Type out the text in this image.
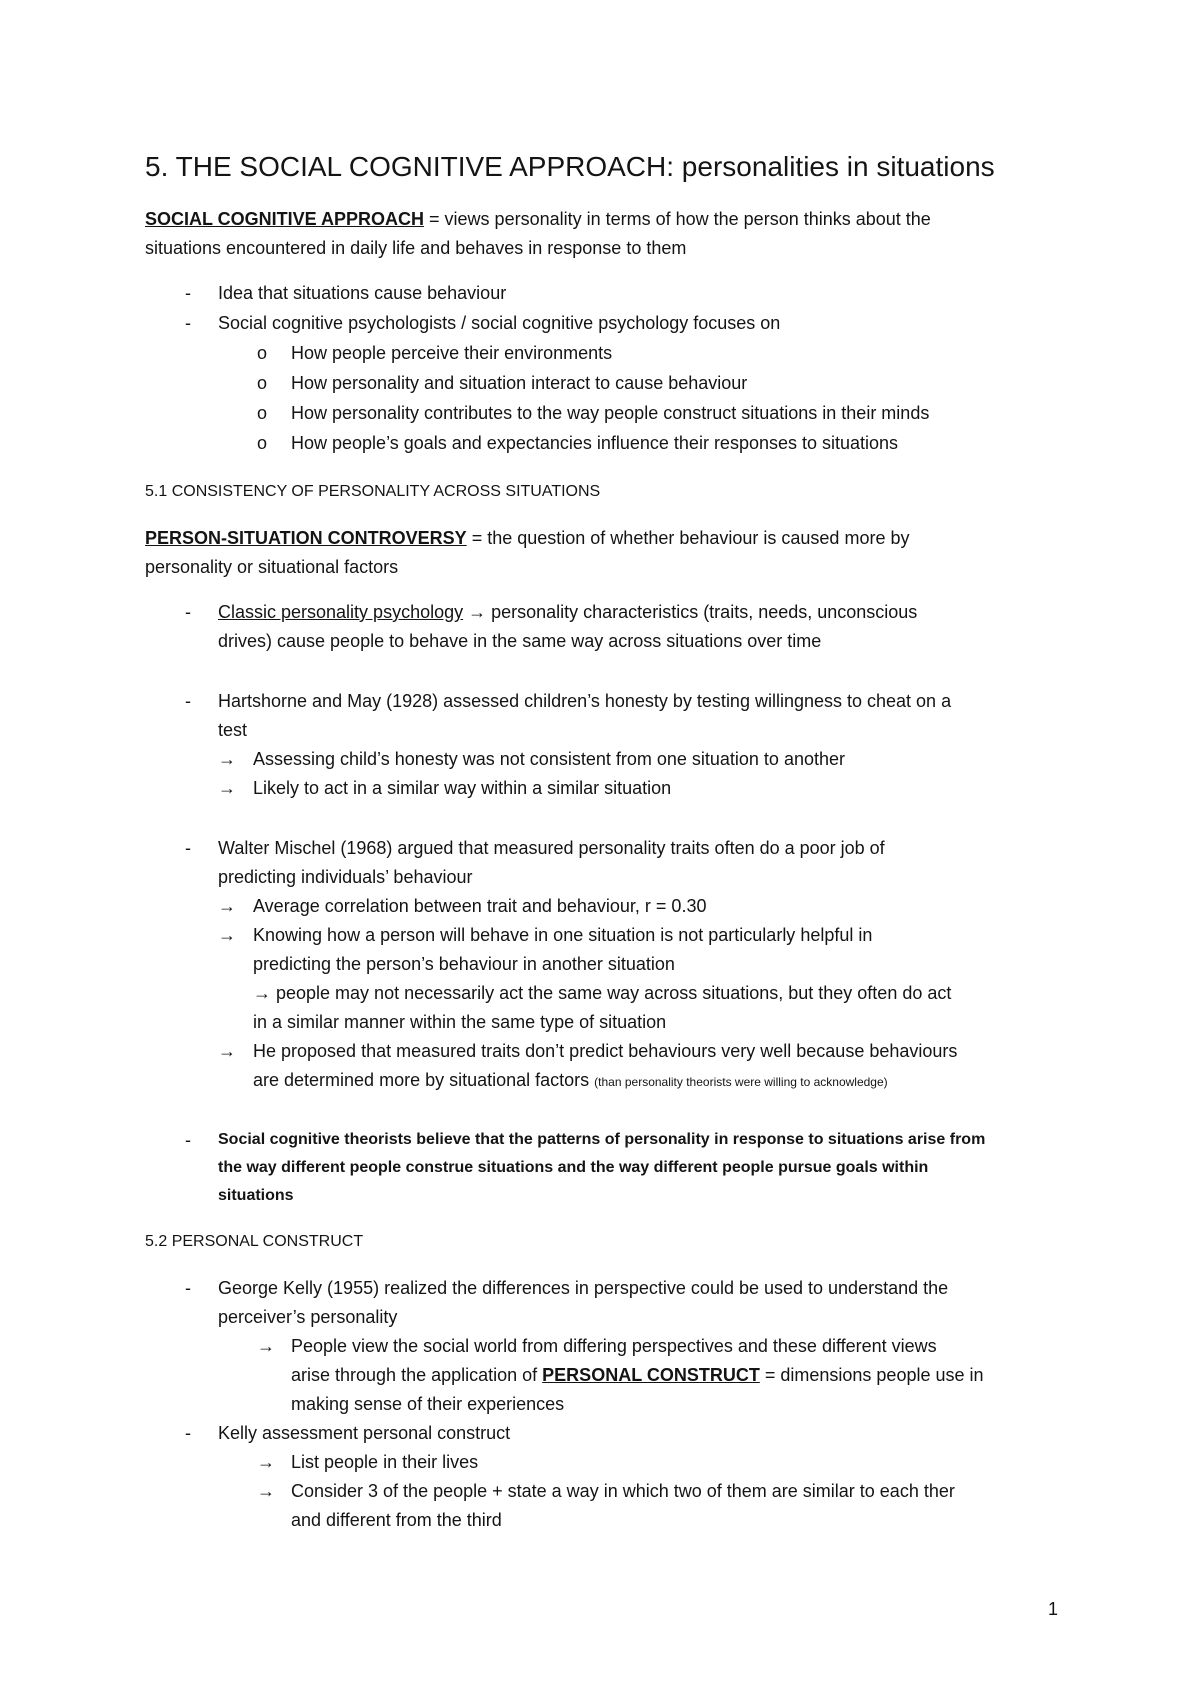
5. THE SOCIAL COGNITIVE APPROACH: personalities in situations
SOCIAL COGNITIVE APPROACH = views personality in terms of how the person thinks about the
situations encountered in daily life and behaves in response to them
- Idea that situations cause behaviour
- Social cognitive psychologists / social cognitive psychology focuses on
o How people perceive their environments
o How personality and situation interact to cause behaviour
o How personality contributes to the way people construct situations in their minds
o How people’s goals and expectancies influence their responses to situations
5.1 CONSISTENCY OF PERSONALITY ACROSS SITUATIONS
PERSON-SITUATION CONTROVERSY = the question of whether behaviour is caused more by
personality or situational factors
- Classic personality psychology → personality characteristics (traits, needs, unconscious
drives) cause people to behave in the same way across situations over time
- Hartshorne and May (1928) assessed children’s honesty by testing willingness to cheat on a
test
→ Assessing child’s honesty was not consistent from one situation to another
→ Likely to act in a similar way within a similar situation
- Walter Mischel (1968) argued that measured personality traits often do a poor job of
predicting individuals’ behaviour
→ Average correlation between trait and behaviour, r = 0.30
→ Knowing how a person will behave in one situation is not particularly helpful in
predicting the person’s behaviour in another situation
→ people may not necessarily act the same way across situations, but they often do act
in a similar manner within the same type of situation
→ He proposed that measured traits don’t predict behaviours very well because behaviours
are determined more by situational factors (than personality theorists were willing to acknowledge)
- Social cognitive theorists believe that the patterns of personality in response to situations arise from
the way different people construe situations and the way different people pursue goals within
situations
5.2 PERSONAL CONSTRUCT
- George Kelly (1955) realized the differences in perspective could be used to understand the
perceiver’s personality
→ People view the social world from differing perspectives and these different views
arise through the application of PERSONAL CONSTRUCT = dimensions people use in
making sense of their experiences
- Kelly assessment personal construct
→ List people in their lives
→ Consider 3 of the people + state a way in which two of them are similar to each ther
and different from the third
1
